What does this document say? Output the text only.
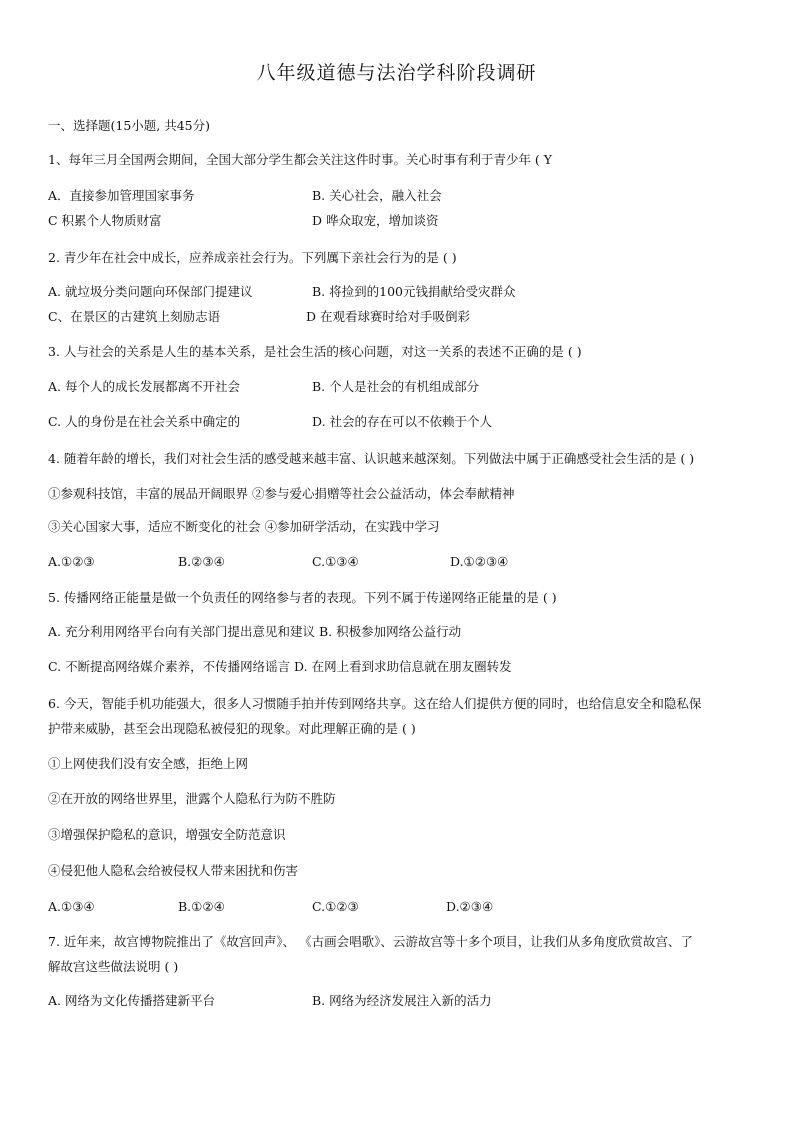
八年级道德与法治学科阶段调研
一、选择题(15小题, 共45分)
1、每年三月全国两会期间，全国大部分学生都会关注这件时事。关心时事有利于青少年 ( Y
A．直接参加管理国家事务	B. 关心社会，融入社会
C 积累个人物质财富	D 哗众取宠，增加谈资
2. 青少年在社会中成长，应养成亲社会行为。下列厲下亲社会行为的是 ( )
A. 就垃圾分类问题向环保部门提建议	B. 将捡到的100元钱捐献给受灾群众
C、在景区的古建筑上刻励志语	D 在观看球赛时给对手吸倒彩
3. 人与社会的关系是人生的基本关系，是社会生活的核心问题，对这一关系的表述不正确的是 ( )
A. 每个人的成长发展都离不开社会	B. 个人是社会的有机组成部分
C. 人的身份是在社会关系中确定的	D. 社会的存在可以不依赖于个人
4. 随着年龄的增长，我们对社会生活的感受越来越丰富、认识越来越深刻。下列做法中属于正确感受社会生活的是 ( )
①参观科技馆，丰富的展品开阔眼界 ②参与爱心捐赠等社会公益活动，体会奉献精神
③关心国家大事，适应不断变化的社会 ④参加研学活动，在实践中学习
A.①②③	B.②③④	C.①③④	D.①②③④
5. 传播网络正能量是做一个负责任的网络参与者的表现。下列不属于传递网络正能量的是 ( )
A. 充分利用网络平台向有关部门提出意见和建议 B. 积极参加网络公益行动
C. 不断提高网络媒介素养，不传播网络谣言 D. 在网上看到求助信息就在朋友圈转发
6. 今天，智能手机功能强大，很多人习惯随手拍并传到网络共享。这在给人们提供方便的同时，也给信息安全和隐私保
护带来威胁，甚至会出现隐私被侵犯的现象。对此理解正确的是 ( )
①上网使我们没有安全感，拒绝上网
②在开放的网络世界里，泄露个人隐私行为防不胜防
③增强保护隐私的意识，增强安全防范意识
④侵犯他人隐私会给被侵权人带来困扰和伤害
A.①③④	B.①②④	C.①②③	D.②③④
7. 近年来，故宫博物院推出了《故宫回声》、 《古画会唱歌》、云游故宫等十多个项目，让我们从多角度欣赏故宫、了
解故宫这些做法说明 ( )
A. 网络为文化传播搭建新平台	B. 网络为经济发展注入新的活力
